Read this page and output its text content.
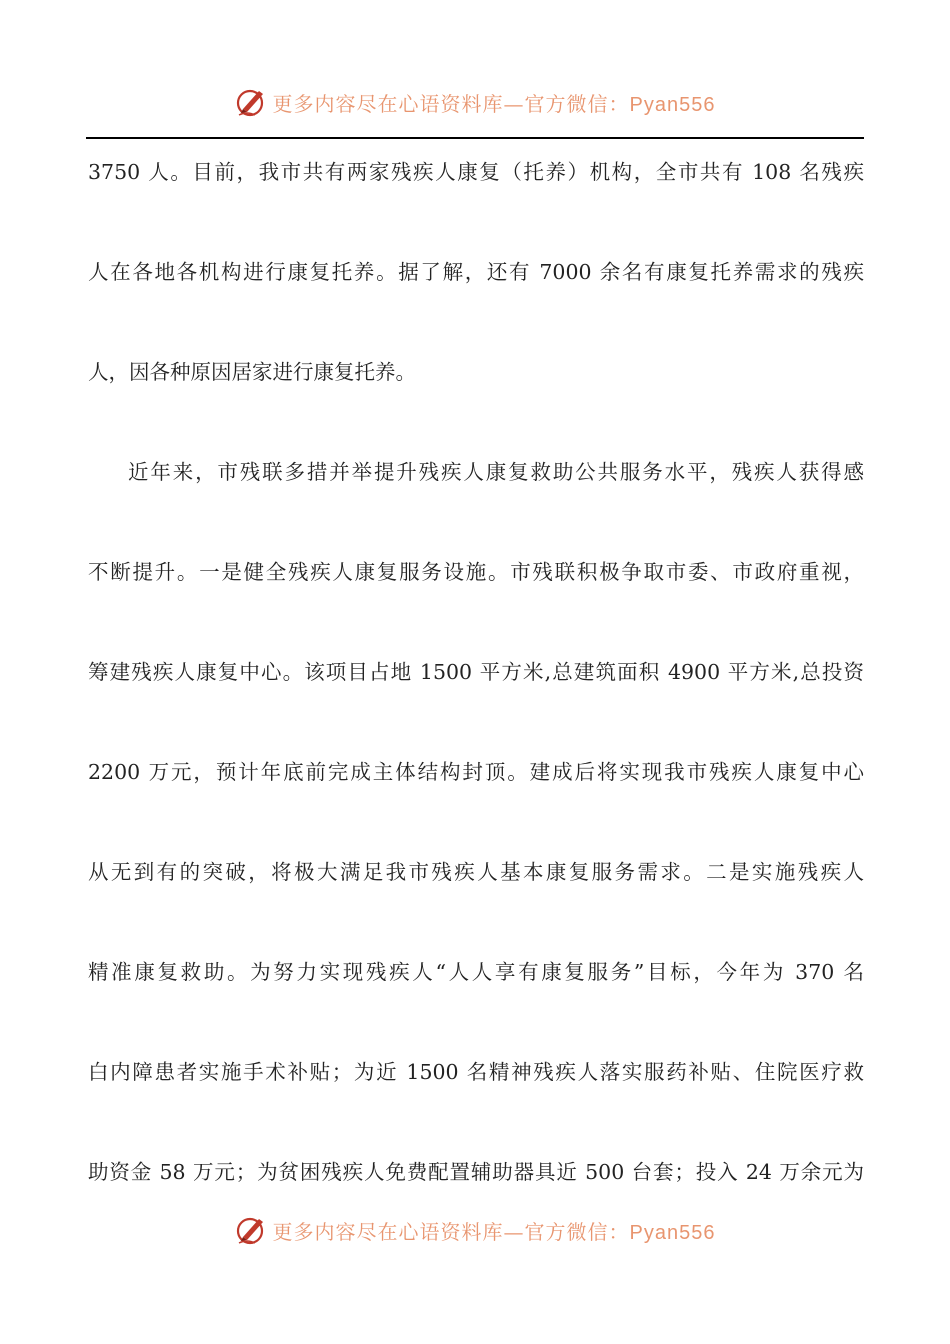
更多内容尽在心语资料库—官方微信：Pyan556
3750 人。目前，我市共有两家残疾人康复（托养）机构，全市共有 108 名残疾
人在各地各机构进行康复托养。据了解，还有 7000 余名有康复托养需求的残疾
人，因各种原因居家进行康复托养。
近年来，市残联多措并举提升残疾人康复救助公共服务水平，残疾人获得感
不断提升。一是健全残疾人康复服务设施。市残联积极争取市委、市政府重视，
筹建残疾人康复中心。该项目占地 1500 平方米,总建筑面积 4900 平方米,总投资
2200 万元，预计年底前完成主体结构封顶。建成后将实现我市残疾人康复中心
从无到有的突破，将极大满足我市残疾人基本康复服务需求。二是实施残疾人
精准康复救助。为努力实现残疾人“人人享有康复服务”目标，今年为 370 名
白内障患者实施手术补贴；为近 1500 名精神残疾人落实服药补贴、住院医疗救
助资金 58 万元；为贫困残疾人免费配置辅助器具近 500 台套；投入 24 万余元为
更多内容尽在心语资料库—官方微信：Pyan556
